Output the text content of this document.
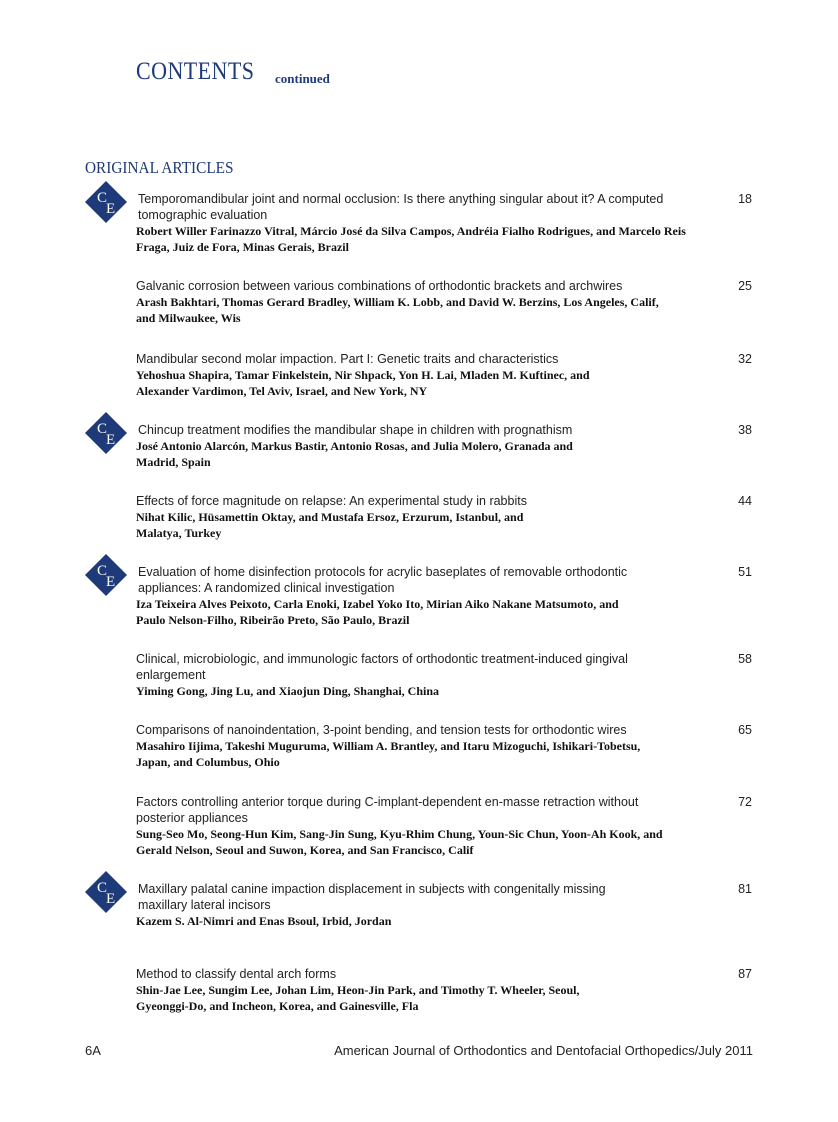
CONTENTS continued
ORIGINAL ARTICLES
C
E
Temporomandibular joint and normal occlusion: Is there anything singular about it? A computed tomographic evaluation
Robert Willer Farinazzo Vitral, Márcio José da Silva Campos, Andréia Fialho Rodrigues, and Marcelo Reis Fraga, Juiz de Fora, Minas Gerais, Brazil
18
Galvanic corrosion between various combinations of orthodontic brackets and archwires
Arash Bakhtari, Thomas Gerard Bradley, William K. Lobb, and David W. Berzins, Los Angeles, Calif, and Milwaukee, Wis
25
Mandibular second molar impaction. Part I: Genetic traits and characteristics
Yehoshua Shapira, Tamar Finkelstein, Nir Shpack, Yon H. Lai, Mladen M. Kuftinec, and Alexander Vardimon, Tel Aviv, Israel, and New York, NY
32
C
E
Chincup treatment modifies the mandibular shape in children with prognathism
José Antonio Alarcón, Markus Bastir, Antonio Rosas, and Julia Molero, Granada and Madrid, Spain
38
Effects of force magnitude on relapse: An experimental study in rabbits
Nihat Kilic, Hüsamettin Oktay, and Mustafa Ersoz, Erzurum, Istanbul, and Malatya, Turkey
44
C
E
Evaluation of home disinfection protocols for acrylic baseplates of removable orthodontic appliances: A randomized clinical investigation
Iza Teixeira Alves Peixoto, Carla Enoki, Izabel Yoko Ito, Mirian Aiko Nakane Matsumoto, and Paulo Nelson-Filho, Ribeirão Preto, São Paulo, Brazil
51
Clinical, microbiologic, and immunologic factors of orthodontic treatment-induced gingival enlargement
Yiming Gong, Jing Lu, and Xiaojun Ding, Shanghai, China
58
Comparisons of nanoindentation, 3-point bending, and tension tests for orthodontic wires
Masahiro Iijima, Takeshi Muguruma, William A. Brantley, and Itaru Mizoguchi, Ishikari-Tobetsu, Japan, and Columbus, Ohio
65
Factors controlling anterior torque during C-implant-dependent en-masse retraction without posterior appliances
Sung-Seo Mo, Seong-Hun Kim, Sang-Jin Sung, Kyu-Rhim Chung, Youn-Sic Chun, Yoon-Ah Kook, and Gerald Nelson, Seoul and Suwon, Korea, and San Francisco, Calif
72
C
E
Maxillary palatal canine impaction displacement in subjects with congenitally missing maxillary lateral incisors
Kazem S. Al-Nimri and Enas Bsoul, Irbid, Jordan
81
Method to classify dental arch forms
Shin-Jae Lee, Sungim Lee, Johan Lim, Heon-Jin Park, and Timothy T. Wheeler, Seoul, Gyeonggi-Do, and Incheon, Korea, and Gainesville, Fla
87
6A	American Journal of Orthodontics and Dentofacial Orthopedics/July 2011
